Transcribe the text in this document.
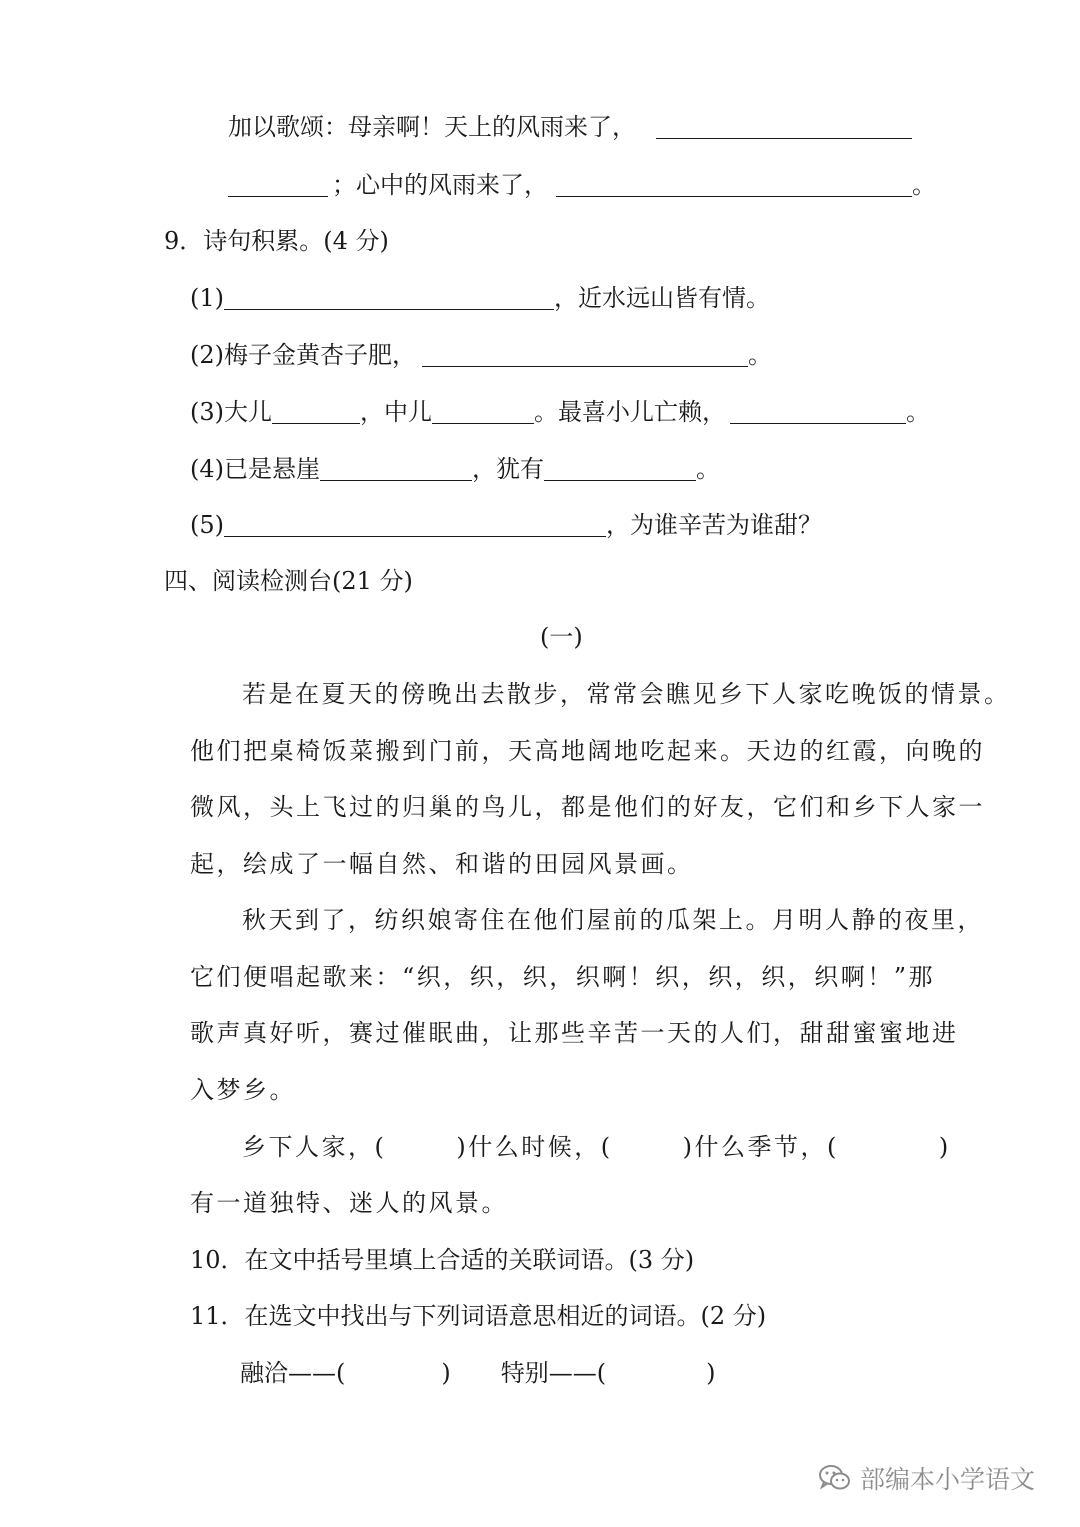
加以歌颂：母亲啊！天上的风雨来了，
；心中的风雨来了，	。
9．诗句积累。(4 分)
(1)	，近水远山皆有情。
(2)梅子金黄杏子肥，	。
(3)大儿	，中儿	。最喜小儿亡赖，	。
(4)已是悬崖	，犹有	。
(5)	，为谁辛苦为谁甜？
四、阅读检测台(21 分)
(一)
若是在夏天的傍晚出去散步，常常会瞧见乡下人家吃晚饭的情景。
他们把桌椅饭菜搬到门前，天高地阔地吃起来。天边的红霞，向晚的
微风，头上飞过的归巢的鸟儿，都是他们的好友，它们和乡下人家一
起，绘成了一幅自然、和谐的田园风景画。
秋天到了，纺织娘寄住在他们屋前的瓜架上。月明人静的夜里，
它们便唱起歌来：“织，织，织，织啊！织，织，织，织啊！”那
歌声真好听，赛过催眠曲，让那些辛苦一天的人们，甜甜蜜蜜地进
入梦乡。
乡下人家，(	)什么时候，(	)什么季节，(	)
有一道独特、迷人的风景。
10．在文中括号里填上合适的关联词语。(3 分)
11．在选文中找出与下列词语意思相近的词语。(2 分)
融洽——(	) 特别——(	)
部编本小学语文
